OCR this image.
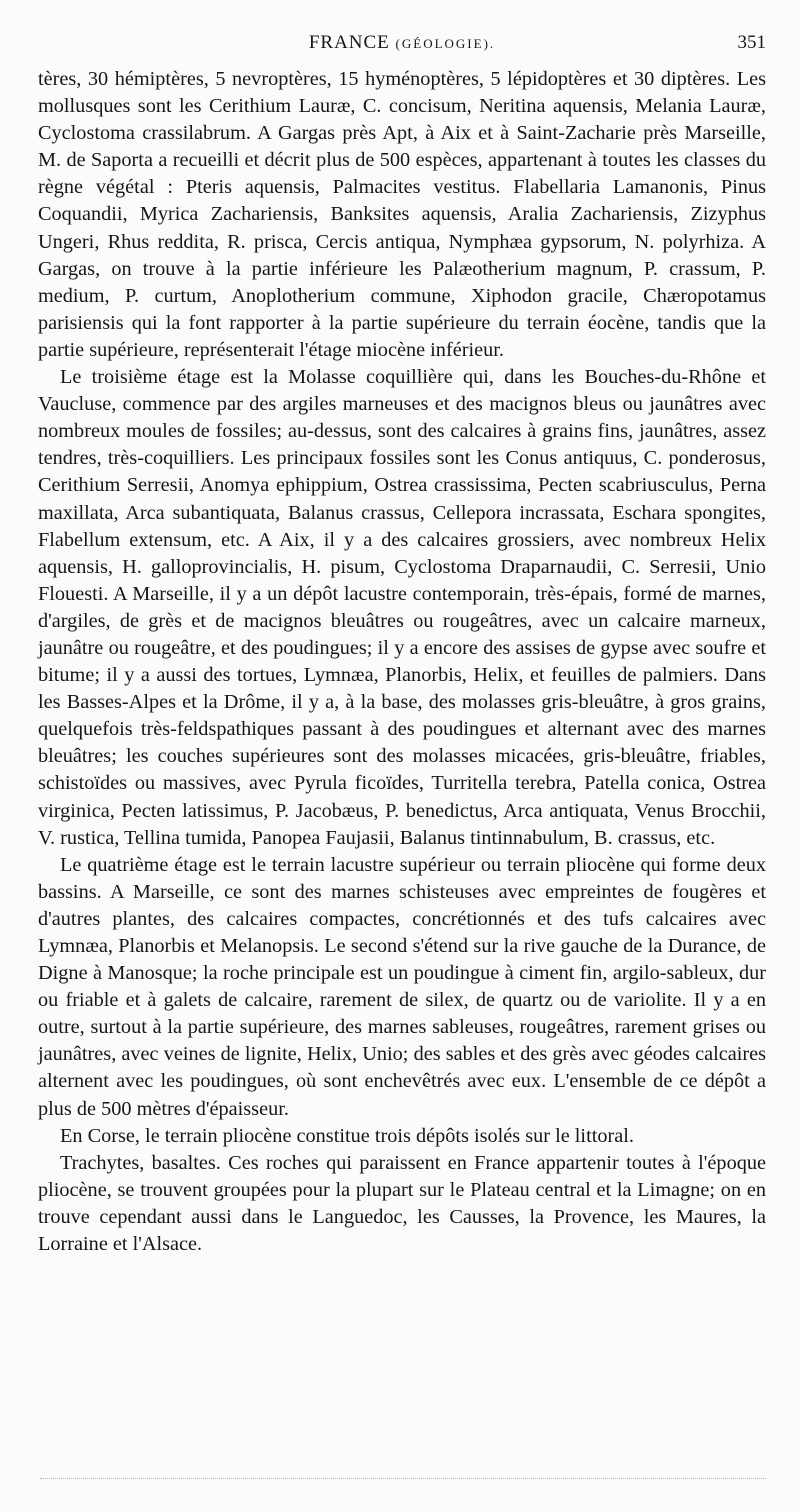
FRANCE (GÉOLOGIE).	351

tères, 30 hémiptères, 5 nevroptères, 15 hyménoptères, 5 lépidoptères et 30 diptères. Les mollusques sont les Cerithium Lauræ, C. concisum, Neritina aquensis, Melania Lauræ, Cyclostoma crassilabrum. A Gargas près Apt, à Aix et à Saint-Zacharie près Marseille, M. de Saporta a recueilli et décrit plus de 500 espèces, appartenant à toutes les classes du règne végétal : Pteris aquensis, Palmacites vestitus. Flabellaria Lamanonis, Pinus Coquandii, Myrica Zachariensis, Banksites aquensis, Aralia Zachariensis, Zizyphus Ungeri, Rhus reddita, R. prisca, Cercis antiqua, Nymphæa gypsorum, N. polyrhiza. A Gargas, on trouve à la partie inférieure les Palæotherium magnum, P. crassum, P. medium, P. curtum, Anoplotherium commune, Xiphodon gracile, Chæropotamus parisiensis qui la font rapporter à la partie supérieure du terrain éocène, tandis que la partie supérieure, représenterait l'étage miocène inférieur.

Le troisième étage est la Molasse coquillière qui, dans les Bouches-du-Rhône et Vaucluse, commence par des argiles marneuses et des macignos bleus ou jaunâtres avec nombreux moules de fossiles; au-dessus, sont des calcaires à grains fins, jaunâtres, assez tendres, très-coquilliers. Les principaux fossiles sont les Conus antiquus, C. ponderosus, Cerithium Serresii, Anomya ephippium, Ostrea crassissima, Pecten scabriusculus, Perna maxillata, Arca subantiquata, Balanus crassus, Cellepora incrassata, Eschara spongites, Flabellum extensum, etc. A Aix, il y a des calcaires grossiers, avec nombreux Helix aquensis, H. galloprovincialis, H. pisum, Cyclostoma Draparnaudii, C. Serresii, Unio Flouesti. A Marseille, il y a un dépôt lacustre contemporain, très-épais, formé de marnes, d'argiles, de grès et de macignos bleuâtres ou rougeâtres, avec un calcaire marneux, jaunâtre ou rougeâtre, et des poudingues; il y a encore des assises de gypse avec soufre et bitume; il y a aussi des tortues, Lymnæa, Planorbis, Helix, et feuilles de palmiers. Dans les Basses-Alpes et la Drôme, il y a, à la base, des molasses gris-bleuâtre, à gros grains, quelquefois très-feldspathiques passant à des poudingues et alternant avec des marnes bleuâtres; les couches supérieures sont des molasses micacées, gris-bleuâtre, friables, schistoïdes ou massives, avec Pyrula ficoïdes, Turritella terebra, Patella conica, Ostrea virginica, Pecten latissimus, P. Jacobæus, P. benedictus, Arca antiquata, Venus Brocchii, V. rustica, Tellina tumida, Panopea Faujasii, Balanus tintinnabulum, B. crassus, etc.

Le quatrième étage est le terrain lacustre supérieur ou terrain pliocène qui forme deux bassins. A Marseille, ce sont des marnes schisteuses avec empreintes de fougères et d'autres plantes, des calcaires compactes, concrétionnés et des tufs calcaires avec Lymnæa, Planorbis et Melanopsis. Le second s'étend sur la rive gauche de la Durance, de Digne à Manosque; la roche principale est un poudingue à ciment fin, argilo-sableux, dur ou friable et à galets de calcaire, rarement de silex, de quartz ou de variolite. Il y a en outre, surtout à la partie supérieure, des marnes sableuses, rougeâtres, rarement grises ou jaunâtres, avec veines de lignite, Helix, Unio; des sables et des grès avec géodes calcaires alternent avec les poudingues, où sont enchevêtrés avec eux. L'ensemble de ce dépôt a plus de 500 mètres d'épaisseur.

En Corse, le terrain pliocène constitue trois dépôts isolés sur le littoral.

Trachytes, basaltes. Ces roches qui paraissent en France appartenir toutes à l'époque pliocène, se trouvent groupées pour la plupart sur le Plateau central et la Limagne; on en trouve cependant aussi dans le Languedoc, les Causses, la Provence, les Maures, la Lorraine et l'Alsace.
